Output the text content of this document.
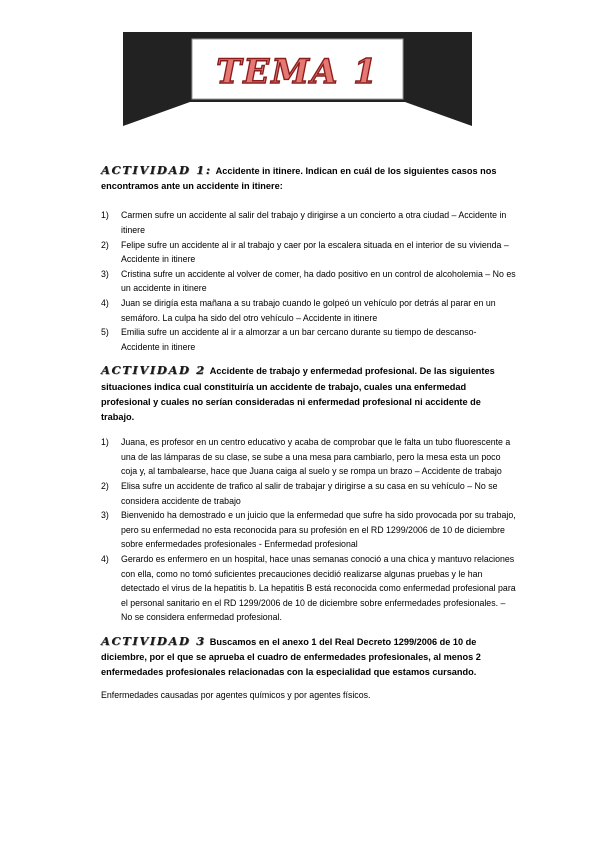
TEMA 1

ACTIVIDAD 1: Accidente in itinere. Indican en cuál de los siguientes casos nos encontramos ante un accidente in itinere:

1) Carmen sufre un accidente al salir del trabajo y dirigirse a un concierto a otra ciudad – Accidente in itinere
2) Felipe sufre un accidente al ir al trabajo y caer por la escalera situada en el interior de su vivienda – Accidente in itinere
3) Cristina sufre un accidente al volver de comer, ha dado positivo en un control de alcoholemia – No es un accidente in itinere
4) Juan se dirigía esta mañana a su trabajo cuando le golpeó un vehículo por detrás al parar en un semáforo. La culpa ha sido del otro vehículo – Accidente in itinere
5) Emilia sufre un accidente al ir a almorzar a un bar cercano durante su tiempo de descanso- Accidente in itinere

ACTIVIDAD 2 Accidente de trabajo y enfermedad profesional. De las siguientes situaciones indica cual constituiría un accidente de trabajo, cuales una enfermedad profesional y cuales no serían consideradas ni enfermedad profesional ni accidente de trabajo.

1) Juana, es profesor en un centro educativo y acaba de comprobar que le falta un tubo fluorescente a una de las lámparas de su clase, se sube a una mesa para cambiarlo, pero la mesa esta un poco coja y, al tambalearse, hace que Juana caiga al suelo y se rompa un brazo – Accidente de trabajo
2) Elisa sufre un accidente de trafico al salir de trabajar y dirigirse a su casa en su vehículo – No se considera accidente de trabajo
3) Bienvenido ha demostrado e un juicio que la enfermedad que sufre ha sido provocada por su trabajo, pero su enfermedad no esta reconocida para su profesión en el RD 1299/2006 de 10 de diciembre sobre enfermedades profesionales - Enfermedad profesional
4) Gerardo es enfermero en un hospital, hace unas semanas conoció a una chica y mantuvo relaciones con ella, como no tomó suficientes precauciones decidió realizarse algunas pruebas y le han detectado el virus de la hepatitis b. La hepatitis B está reconocida como enfermedad profesional para el personal sanitario en el RD 1299/2006 de 10 de diciembre sobre enfermedades profesionales. – No se considera enfermedad profesional.

ACTIVIDAD 3 Buscamos en el anexo 1 del Real Decreto 1299/2006 de 10 de diciembre, por el que se aprueba el cuadro de enfermedades profesionales, al menos 2 enfermedades profesionales relacionadas con la especialidad que estamos cursando.

Enfermedades causadas por agentes químicos y por agentes físicos.
